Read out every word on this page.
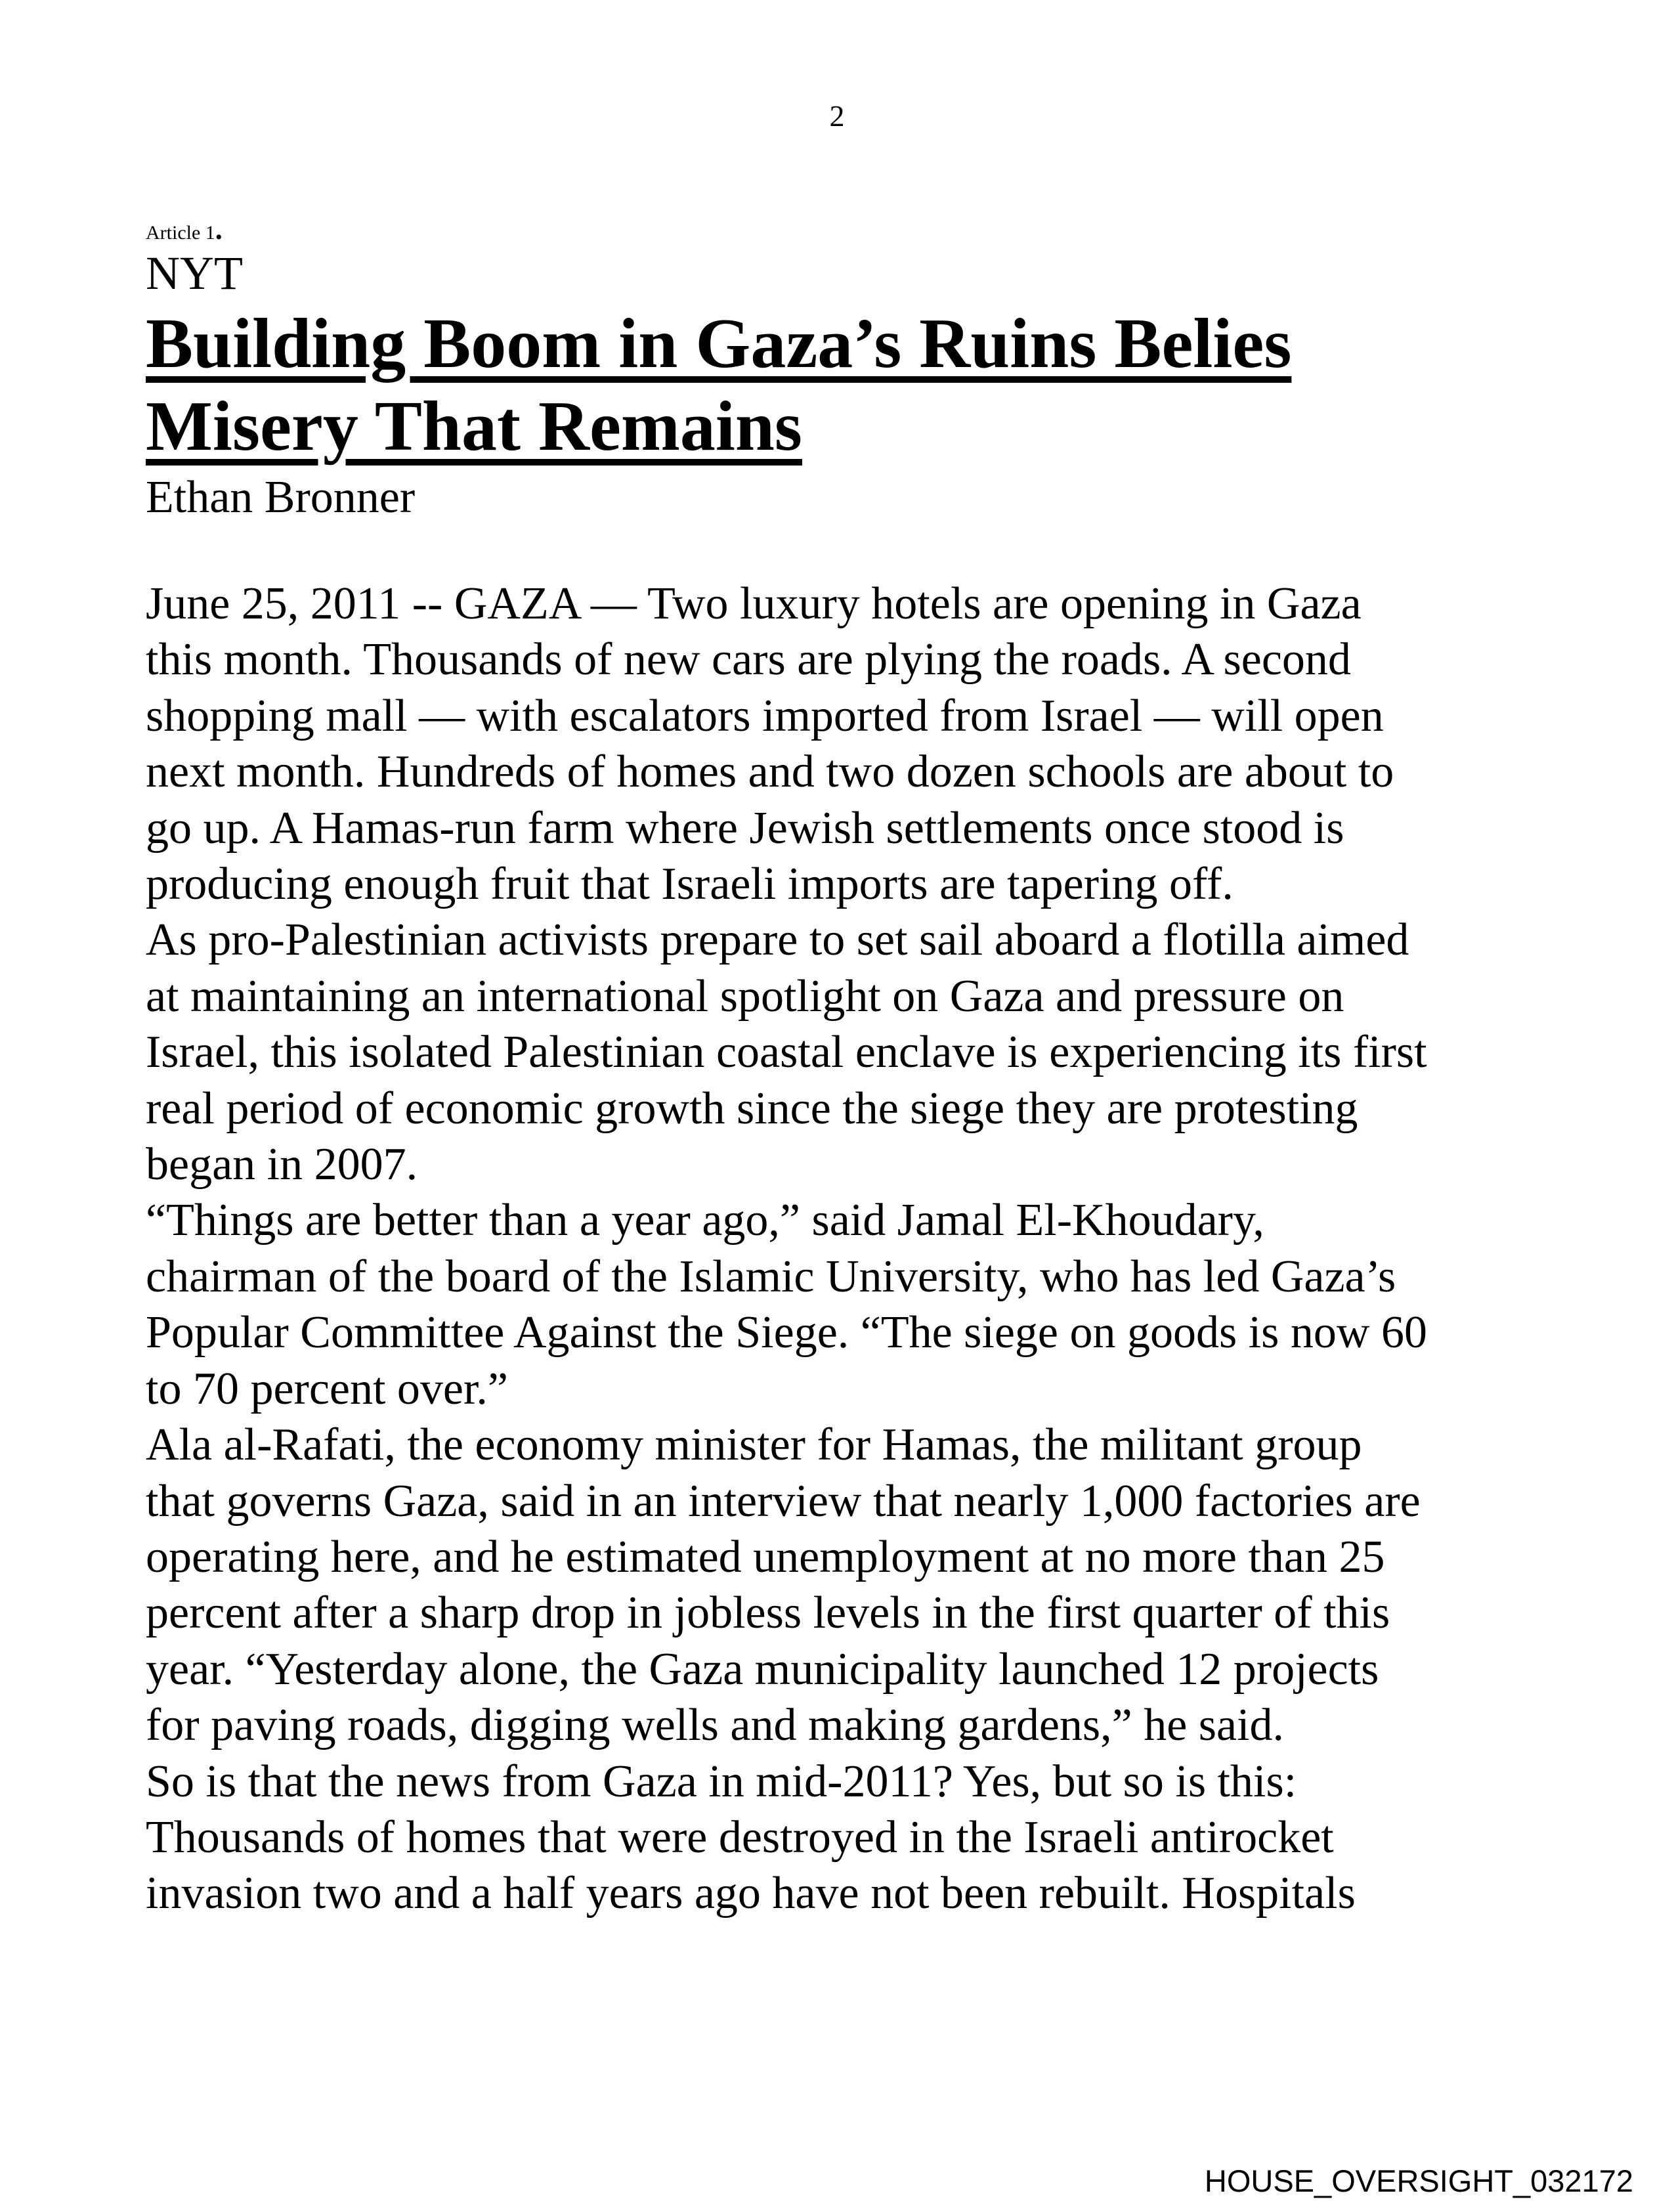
2
Article 1.
NYT
Building Boom in Gaza’s Ruins Belies
Misery That Remains
Ethan Bronner

June 25, 2011 -- GAZA — Two luxury hotels are opening in Gaza
this month. Thousands of new cars are plying the roads. A second
shopping mall — with escalators imported from Israel — will open
next month. Hundreds of homes and two dozen schools are about to
go up. A Hamas-run farm where Jewish settlements once stood is
producing enough fruit that Israeli imports are tapering off.

As pro-Palestinian activists prepare to set sail aboard a flotilla aimed
at maintaining an international spotlight on Gaza and pressure on
Israel, this isolated Palestinian coastal enclave is experiencing its first
real period of economic growth since the siege they are protesting
began in 2007.

“Things are better than a year ago,” said Jamal El-Khoudary,
chairman of the board of the Islamic University, who has led Gaza’s
Popular Committee Against the Siege. “The siege on goods is now 60
to 70 percent over.”

Ala al-Rafati, the economy minister for Hamas, the militant group
that governs Gaza, said in an interview that nearly 1,000 factories are
operating here, and he estimated unemployment at no more than 25
percent after a sharp drop in jobless levels in the first quarter of this
year. “Yesterday alone, the Gaza municipality launched 12 projects
for paving roads, digging wells and making gardens,” he said.

So is that the news from Gaza in mid-2011? Yes, but so is this:
Thousands of homes that were destroyed in the Israeli antirocket
invasion two and a half years ago have not been rebuilt. Hospitals

HOUSE_OVERSIGHT_032172
